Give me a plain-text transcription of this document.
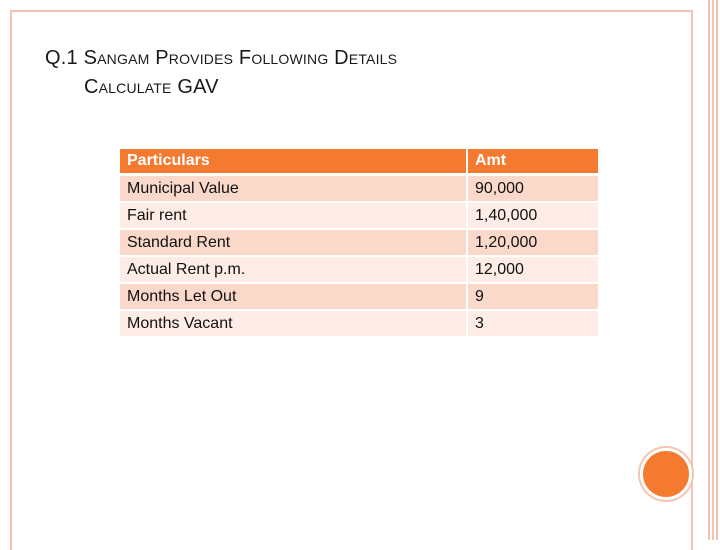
Q.1 Sangam Provides Following Details
Calculate GAV
Particulars	Amt
Municipal Value	90,000
Fair rent	1,40,000
Standard Rent	1,20,000
Actual Rent p.m.	12,000
Months Let Out	9
Months Vacant	3
